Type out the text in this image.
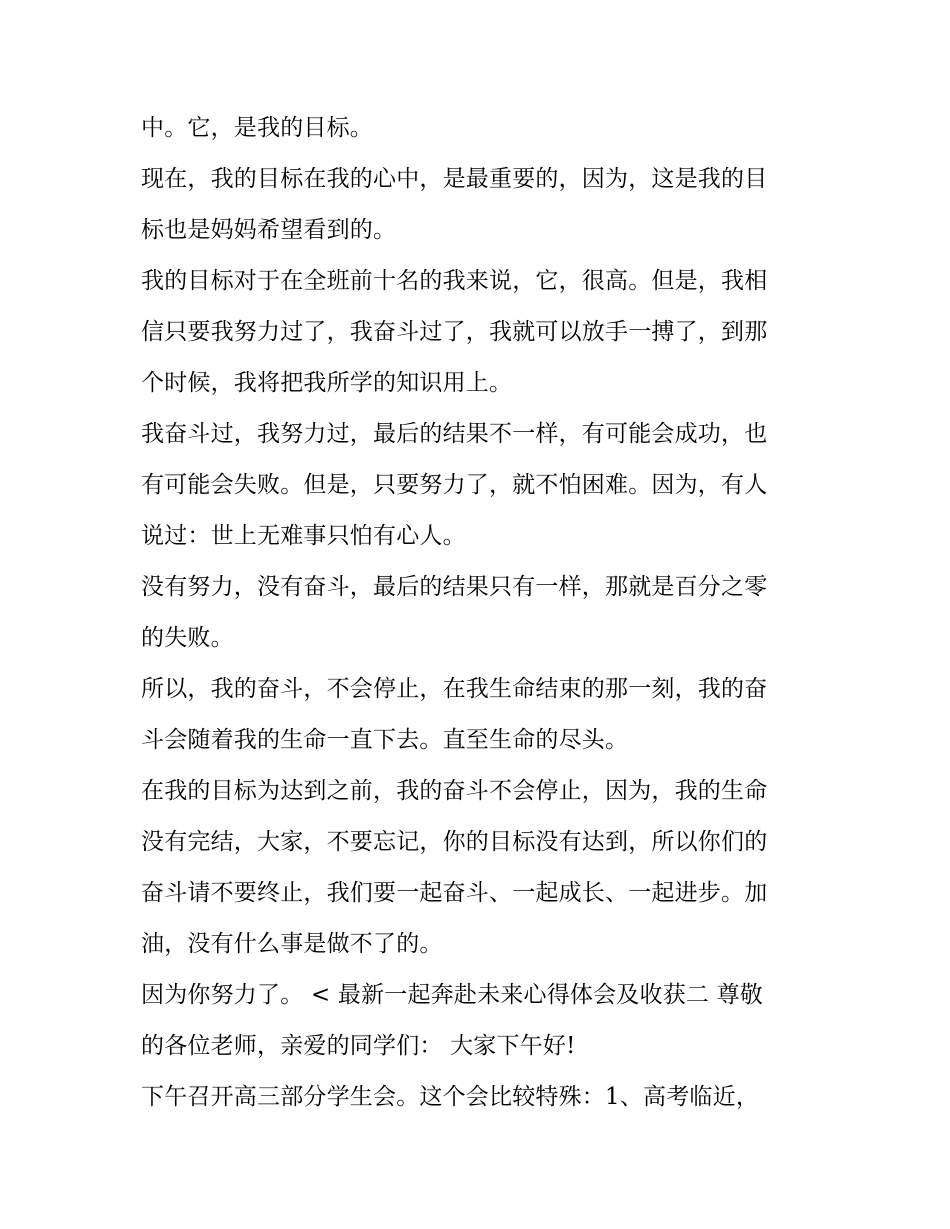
中。它，是我的目标。
现在，我的目标在我的心中，是最重要的，因为，这是我的目
标也是妈妈希望看到的。
我的目标对于在全班前十名的我来说，它，很高。但是，我相
信只要我努力过了，我奋斗过了，我就可以放手一搏了，到那
个时候，我将把我所学的知识用上。
我奋斗过，我努力过，最后的结果不一样，有可能会成功，也
有可能会失败。但是，只要努力了，就不怕困难。因为，有人
说过：世上无难事只怕有心人。
没有努力，没有奋斗，最后的结果只有一样，那就是百分之零
的失败。
所以，我的奋斗，不会停止，在我生命结束的那一刻，我的奋
斗会随着我的生命一直下去。直至生命的尽头。
在我的目标为达到之前，我的奋斗不会停止，因为，我的生命
没有完结，大家，不要忘记，你的目标没有达到，所以你们的
奋斗请不要终止，我们要一起奋斗、一起成长、一起进步。加
油，没有什么事是做不了的。
因为你努力了。 < 最新一起奔赴未来心得体会及收获二 尊敬
的各位老师，亲爱的同学们： 大家下午好!
下午召开高三部分学生会。这个会比较特殊：1、高考临近，
